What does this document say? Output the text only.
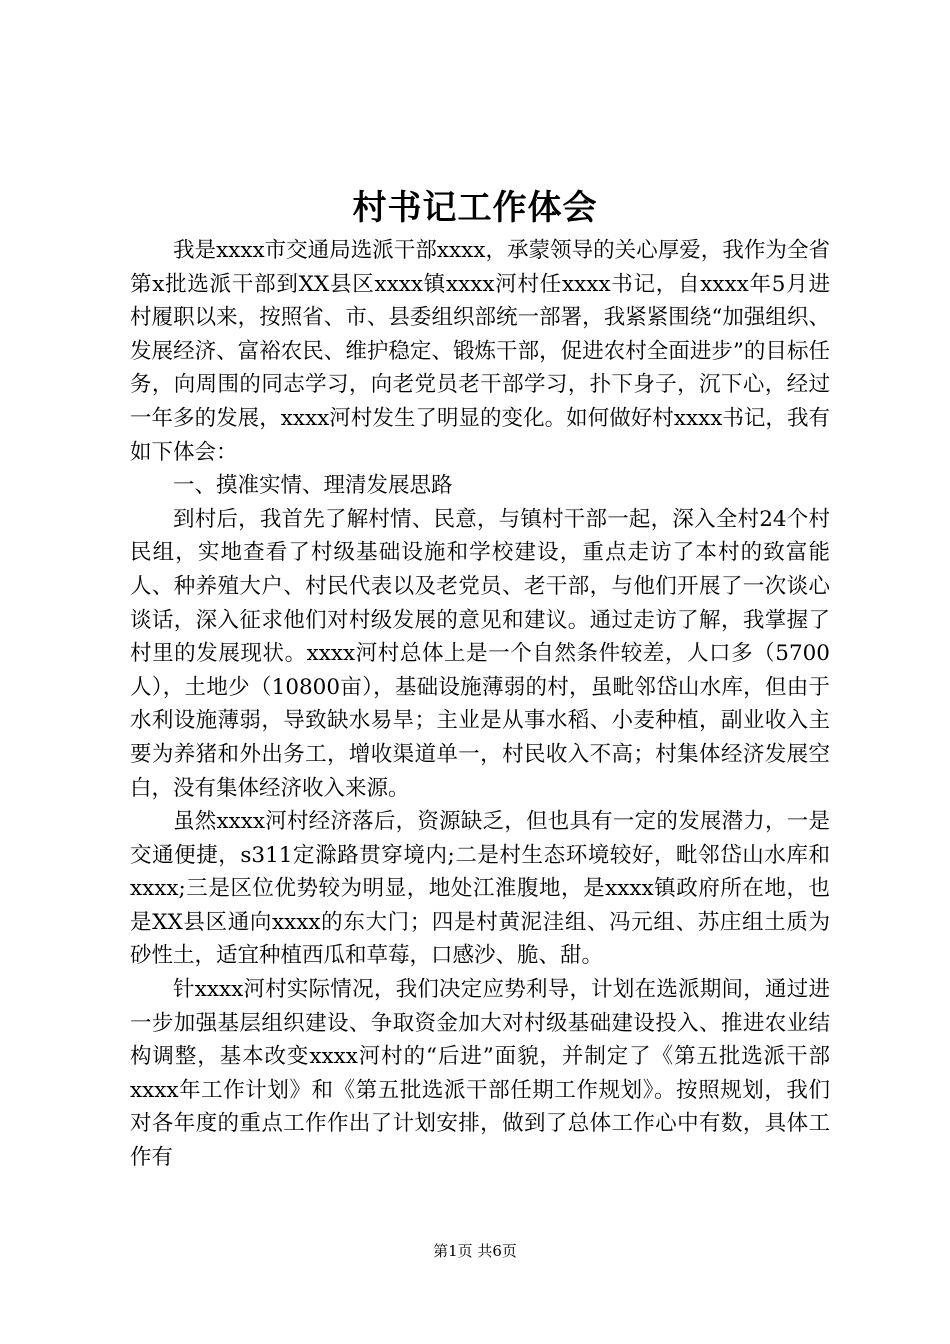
村书记工作体会

我是xxxx市交通局选派干部xxxx，承蒙领导的关心厚爱，我作为全省第x批选派干部到XX县区xxxx镇xxxx河村任xxxx书记，自xxxx年5月进村履职以来，按照省、市、县委组织部统一部署，我紧紧围绕“加强组织、发展经济、富裕农民、维护稳定、锻炼干部，促进农村全面进步”的目标任务，向周围的同志学习，向老党员老干部学习，扑下身子，沉下心，经过一年多的发展，xxxx河村发生了明显的变化。如何做好村xxxx书记，我有如下体会：

一、摸准实情、理清发展思路

到村后，我首先了解村情、民意，与镇村干部一起，深入全村24个村民组，实地查看了村级基础设施和学校建设，重点走访了本村的致富能人、种养殖大户、村民代表以及老党员、老干部，与他们开展了一次谈心谈话，深入征求他们对村级发展的意见和建议。通过走访了解，我掌握了村里的发展现状。xxxx河村总体上是一个自然条件较差，人口多（5700人），土地少（10800亩），基础设施薄弱的村，虽毗邻岱山水库，但由于水利设施薄弱，导致缺水易旱；主业是从事水稻、小麦种植，副业收入主要为养猪和外出务工，增收渠道单一，村民收入不高；村集体经济发展空白，没有集体经济收入来源。

虽然xxxx河村经济落后，资源缺乏，但也具有一定的发展潜力，一是交通便捷，s311定滁路贯穿境内;二是村生态环境较好，毗邻岱山水库和xxxx;三是区位优势较为明显，地处江淮腹地，是xxxx镇政府所在地，也是XX县区通向xxxx的东大门；四是村黄泥洼组、冯元组、苏庄组土质为砂性土，适宜种植西瓜和草莓，口感沙、脆、甜。

针xxxx河村实际情况，我们决定应势利导，计划在选派期间，通过进一步加强基层组织建设、争取资金加大对村级基础建设投入、推进农业结构调整，基本改变xxxx河村的“后进”面貌，并制定了《第五批选派干部xxxx年工作计划》和《第五批选派干部任期工作规划》。按照规划，我们对各年度的重点工作作出了计划安排，做到了总体工作心中有数，具体工作有

第1页 共6页
